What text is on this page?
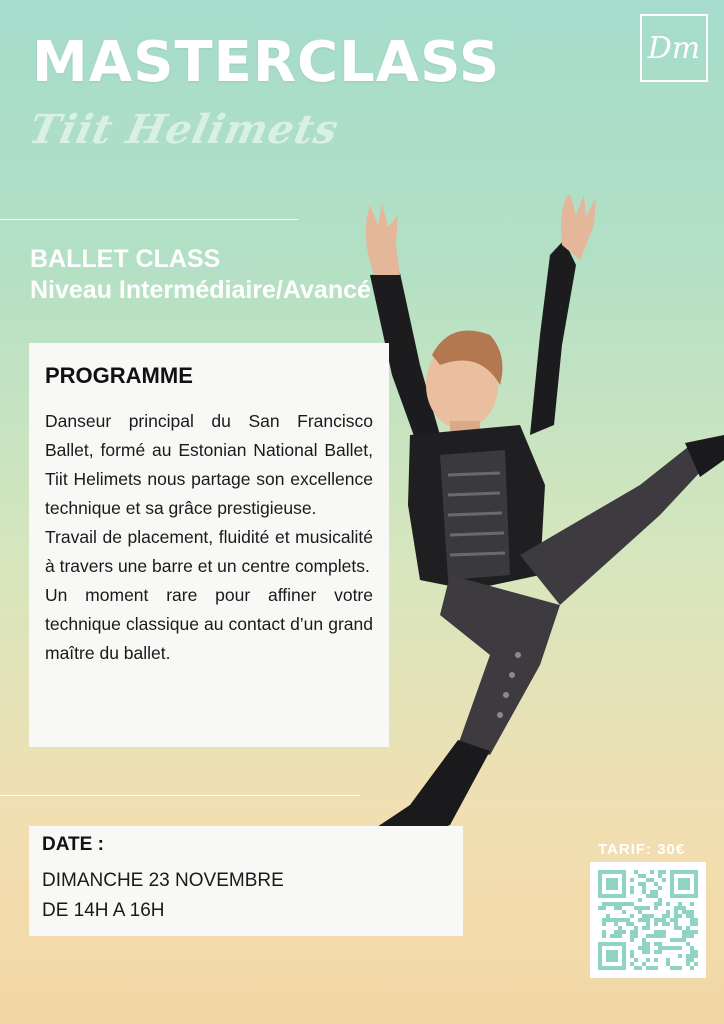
MASTERCLASS
Tiit Helimets
Dm
BALLET CLASS
Niveau Intermédiaire/Avancé
PROGRAMME

Danseur principal du San Francisco Ballet, formé au Estonian National Ballet, Tiit Helimets nous partage son excellence technique et sa grâce prestigieuse.

Travail de placement, fluidité et musicalité à travers une barre et un centre complets.

Un moment rare pour affiner votre technique classique au contact d’un grand maître du ballet.

DATE :
DIMANCHE 23 NOVEMBRE
DE 14H A 16H
TARIF: 30€
